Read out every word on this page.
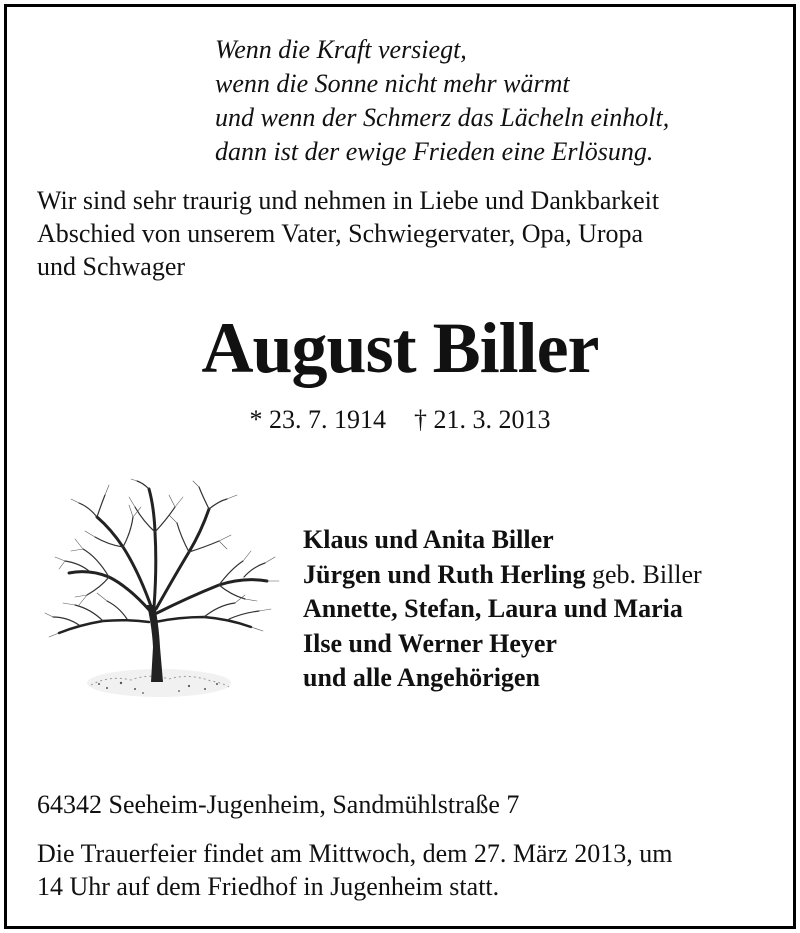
Wenn die Kraft versiegt,
wenn die Sonne nicht mehr wärmt
und wenn der Schmerz das Lächeln einholt,
dann ist der ewige Frieden eine Erlösung.
Wir sind sehr traurig und nehmen in Liebe und Dankbarkeit
Abschied von unserem Vater, Schwiegervater, Opa, Uropa
und Schwager
August Biller
* 23. 7. 1914 † 21. 3. 2013
Klaus und Anita Biller
Jürgen und Ruth Herling geb. Biller
Annette, Stefan, Laura und Maria
Ilse und Werner Heyer
und alle Angehörigen
64342 Seeheim-Jugenheim, Sandmühlstraße 7
Die Trauerfeier findet am Mittwoch, dem 27. März 2013, um
14 Uhr auf dem Friedhof in Jugenheim statt.
